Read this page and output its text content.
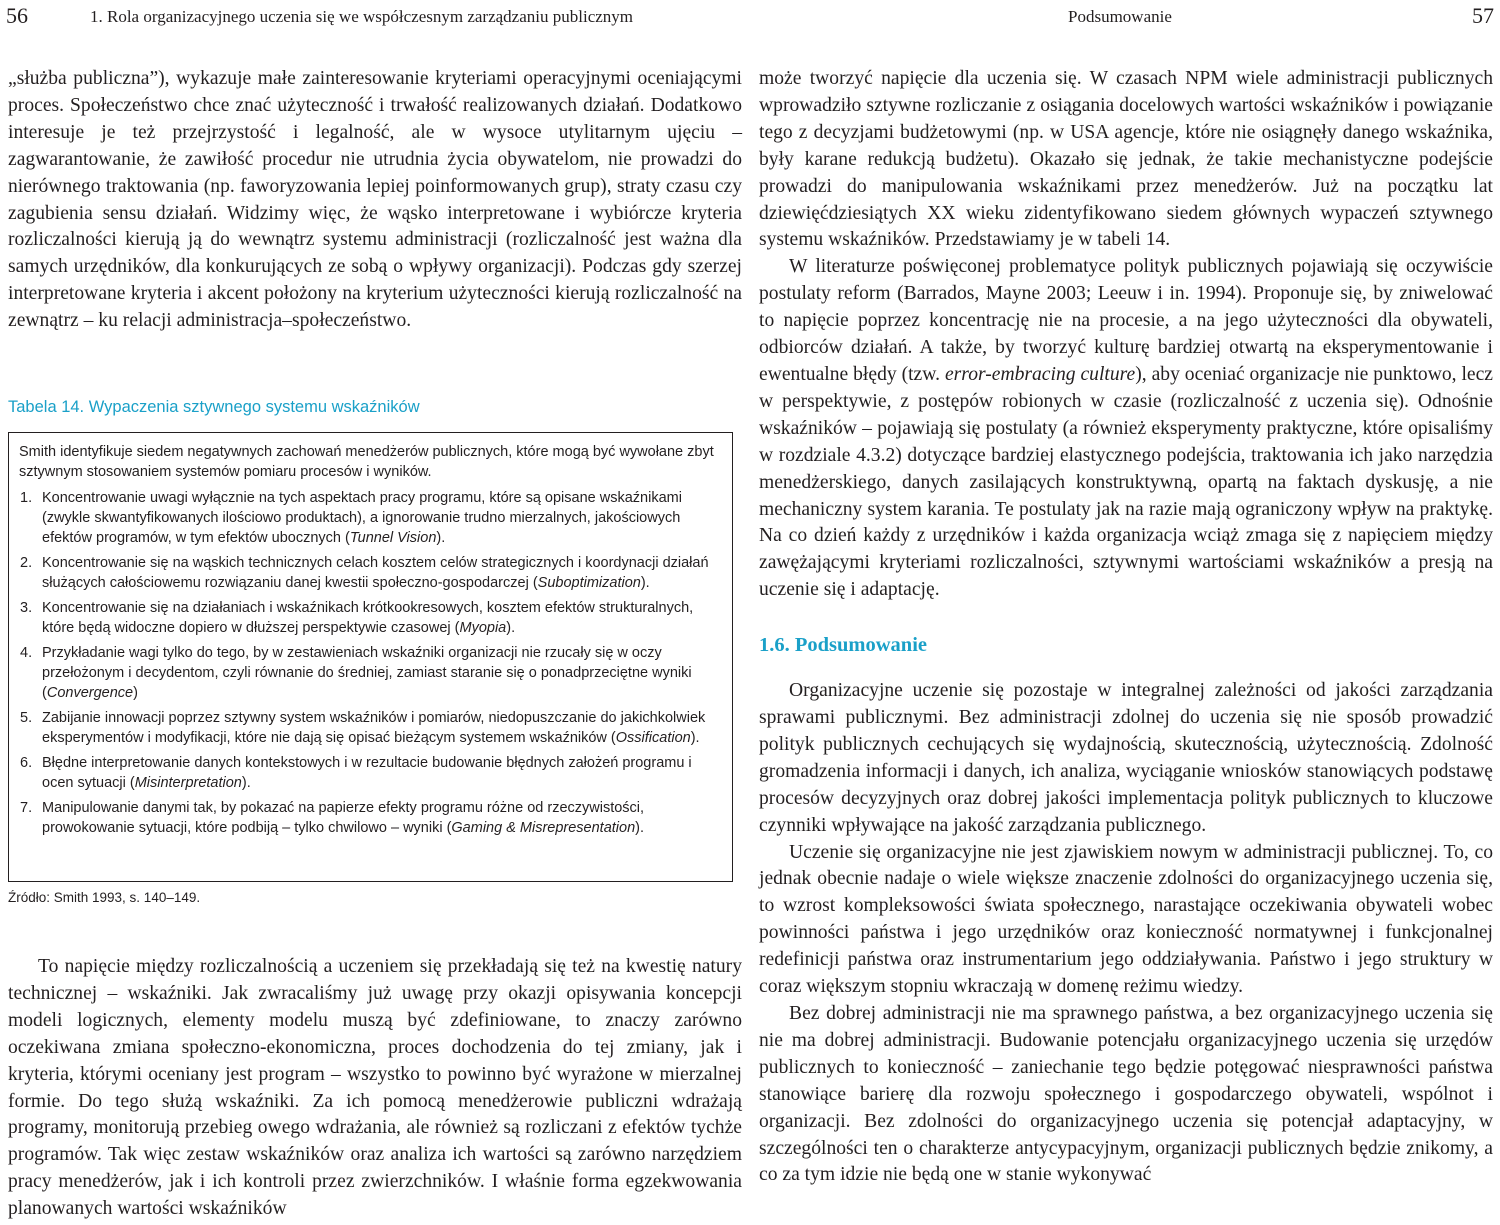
56	1. Rola organizacyjnego uczenia się we współczesnym zarządzaniu publicznym	Podsumowanie	57

„służba publiczna”), wykazuje małe zainteresowanie kryteriami operacyjnymi oceniającymi proces. Społeczeństwo chce znać użyteczność i trwałość realizowanych działań. Dodatkowo interesuje je też przejrzystość i legalność, ale w wysoce utylitarnym ujęciu – zagwarantowanie, że zawiłość procedur nie utrudnia życia obywatelom, nie prowadzi do nierównego traktowania (np. faworyzowania lepiej poinformowanych grup), straty czasu czy zagubienia sensu działań. Widzimy więc, że wąsko interpretowane i wybiórcze kryteria rozliczalności kierują ją do wewnątrz systemu administracji (rozliczalność jest ważna dla samych urzędników, dla konkurujących ze sobą o wpływy organizacji). Podczas gdy szerzej interpretowane kryteria i akcent położony na kryterium użyteczności kierują rozliczalność na zewnątrz – ku relacji administracja–społeczeństwo.

Tabela 14. Wypaczenia sztywnego systemu wskaźników

Smith identyfikuje siedem negatywnych zachowań menedżerów publicznych, które mogą być wywołane zbyt sztywnym stosowaniem systemów pomiaru procesów i wyników.

1. Koncentrowanie uwagi wyłącznie na tych aspektach pracy programu, które są opisane wskaźnikami (zwykle skwantyfikowanych ilościowo produktach), a ignorowanie trudno mierzalnych, jakościowych efektów programów, w tym efektów ubocznych (Tunnel Vision).
2. Koncentrowanie się na wąskich technicznych celach kosztem celów strategicznych i koordynacji działań służących całościowemu rozwiązaniu danej kwestii społeczno-gospodarczej (Suboptimization).
3. Koncentrowanie się na działaniach i wskaźnikach krótkookresowych, kosztem efektów strukturalnych, które będą widoczne dopiero w dłuższej perspektywie czasowej (Myopia).
4. Przykładanie wagi tylko do tego, by w zestawieniach wskaźniki organizacji nie rzucały się w oczy przełożonym i decydentom, czyli równanie do średniej, zamiast staranie się o ponadprzeciętne wyniki (Convergence)
5. Zabijanie innowacji poprzez sztywny system wskaźników i pomiarów, niedopuszczanie do jakichkolwiek eksperymentów i modyfikacji, które nie dają się opisać bieżącym systemem wskaźników (Ossification).
6. Błędne interpretowanie danych kontekstowych i w rezultacie budowanie błędnych założeń programu i ocen sytuacji (Misinterpretation).
7. Manipulowanie danymi tak, by pokazać na papierze efekty programu różne od rzeczywistości, prowokowanie sytuacji, które podbiją – tylko chwilowo – wyniki (Gaming & Misrepresentation).
Źródło: Smith 1993, s. 140–149.

To napięcie między rozliczalnością a uczeniem się przekładają się też na kwestię natury technicznej – wskaźniki. Jak zwracaliśmy już uwagę przy okazji opisywania koncepcji modeli logicznych, elementy modelu muszą być zdefiniowane, to znaczy zarówno oczekiwana zmiana społeczno-ekonomiczna, proces dochodzenia do tej zmiany, jak i kryteria, którymi oceniany jest program – wszystko to powinno być wyrażone w mierzalnej formie. Do tego służą wskaźniki. Za ich pomocą menedżerowie publiczni wdrażają programy, monitorują przebieg owego wdrażania, ale również są rozliczani z efektów tychże programów. Tak więc zestaw wskaźników oraz analiza ich wartości są zarówno narzędziem pracy menedżerów, jak i ich kontroli przez zwierzchników. I właśnie forma egzekwowania planowanych wartości wskaźników

może tworzyć napięcie dla uczenia się. W czasach NPM wiele administracji publicznych wprowadziło sztywne rozliczanie z osiągania docelowych wartości wskaźników i powiązanie tego z decyzjami budżetowymi (np. w USA agencje, które nie osiągnęły danego wskaźnika, były karane redukcją budżetu). Okazało się jednak, że takie mechanistyczne podejście prowadzi do manipulowania wskaźnikami przez menedżerów. Już na początku lat dziewięćdziesiątych XX wieku zidentyfikowano siedem głównych wypaczeń sztywnego systemu wskaźników. Przedstawiamy je w tabeli 14.

W literaturze poświęconej problematyce polityk publicznych pojawiają się oczywiście postulaty reform (Barrados, Mayne 2003; Leeuw i in. 1994). Proponuje się, by zniwelować to napięcie poprzez koncentrację nie na procesie, a na jego użyteczności dla obywateli, odbiorców działań. A także, by tworzyć kulturę bardziej otwartą na eksperymentowanie i ewentualne błędy (tzw. error-embracing culture), aby oceniać organizacje nie punktowo, lecz w perspektywie, z postępów robionych w czasie (rozliczalność z uczenia się). Odnośnie wskaźników – pojawiają się postulaty (a również eksperymenty praktyczne, które opisaliśmy w rozdziale 4.3.2) dotyczące bardziej elastycznego podejścia, traktowania ich jako narzędzia menedżerskiego, danych zasilających konstruktywną, opartą na faktach dyskusję, a nie mechaniczny system karania. Te postulaty jak na razie mają ograniczony wpływ na praktykę. Na co dzień każdy z urzędników i każda organizacja wciąż zmaga się z napięciem między zawężającymi kryteriami rozliczalności, sztywnymi wartościami wskaźników a presją na uczenie się i adaptację.

1.6. Podsumowanie

Organizacyjne uczenie się pozostaje w integralnej zależności od jakości zarządzania sprawami publicznymi. Bez administracji zdolnej do uczenia się nie sposób prowadzić polityk publicznych cechujących się wydajnością, skutecznością, użytecznością. Zdolność gromadzenia informacji i danych, ich analiza, wyciąganie wniosków stanowiących podstawę procesów decyzyjnych oraz dobrej jakości implementacja polityk publicznych to kluczowe czynniki wpływające na jakość zarządzania publicznego.

Uczenie się organizacyjne nie jest zjawiskiem nowym w administracji publicznej. To, co jednak obecnie nadaje o wiele większe znaczenie zdolności do organizacyjnego uczenia się, to wzrost kompleksowości świata społecznego, narastające oczekiwania obywateli wobec powinności państwa i jego urzędników oraz konieczność normatywnej i funkcjonalnej redefinicji państwa oraz instrumentarium jego oddziaływania. Państwo i jego struktury w coraz większym stopniu wkraczają w domenę reżimu wiedzy.

Bez dobrej administracji nie ma sprawnego państwa, a bez organizacyjnego uczenia się nie ma dobrej administracji. Budowanie potencjału organizacyjnego uczenia się urzędów publicznych to konieczność – zaniechanie tego będzie potęgować niesprawności państwa stanowiące barierę dla rozwoju społecznego i gospodarczego obywateli, wspólnot i organizacji. Bez zdolności do organizacyjnego uczenia się potencjał adaptacyjny, w szczególności ten o charakterze antycypacyjnym, organizacji publicznych będzie znikomy, a co za tym idzie nie będą one w stanie wykonywać
